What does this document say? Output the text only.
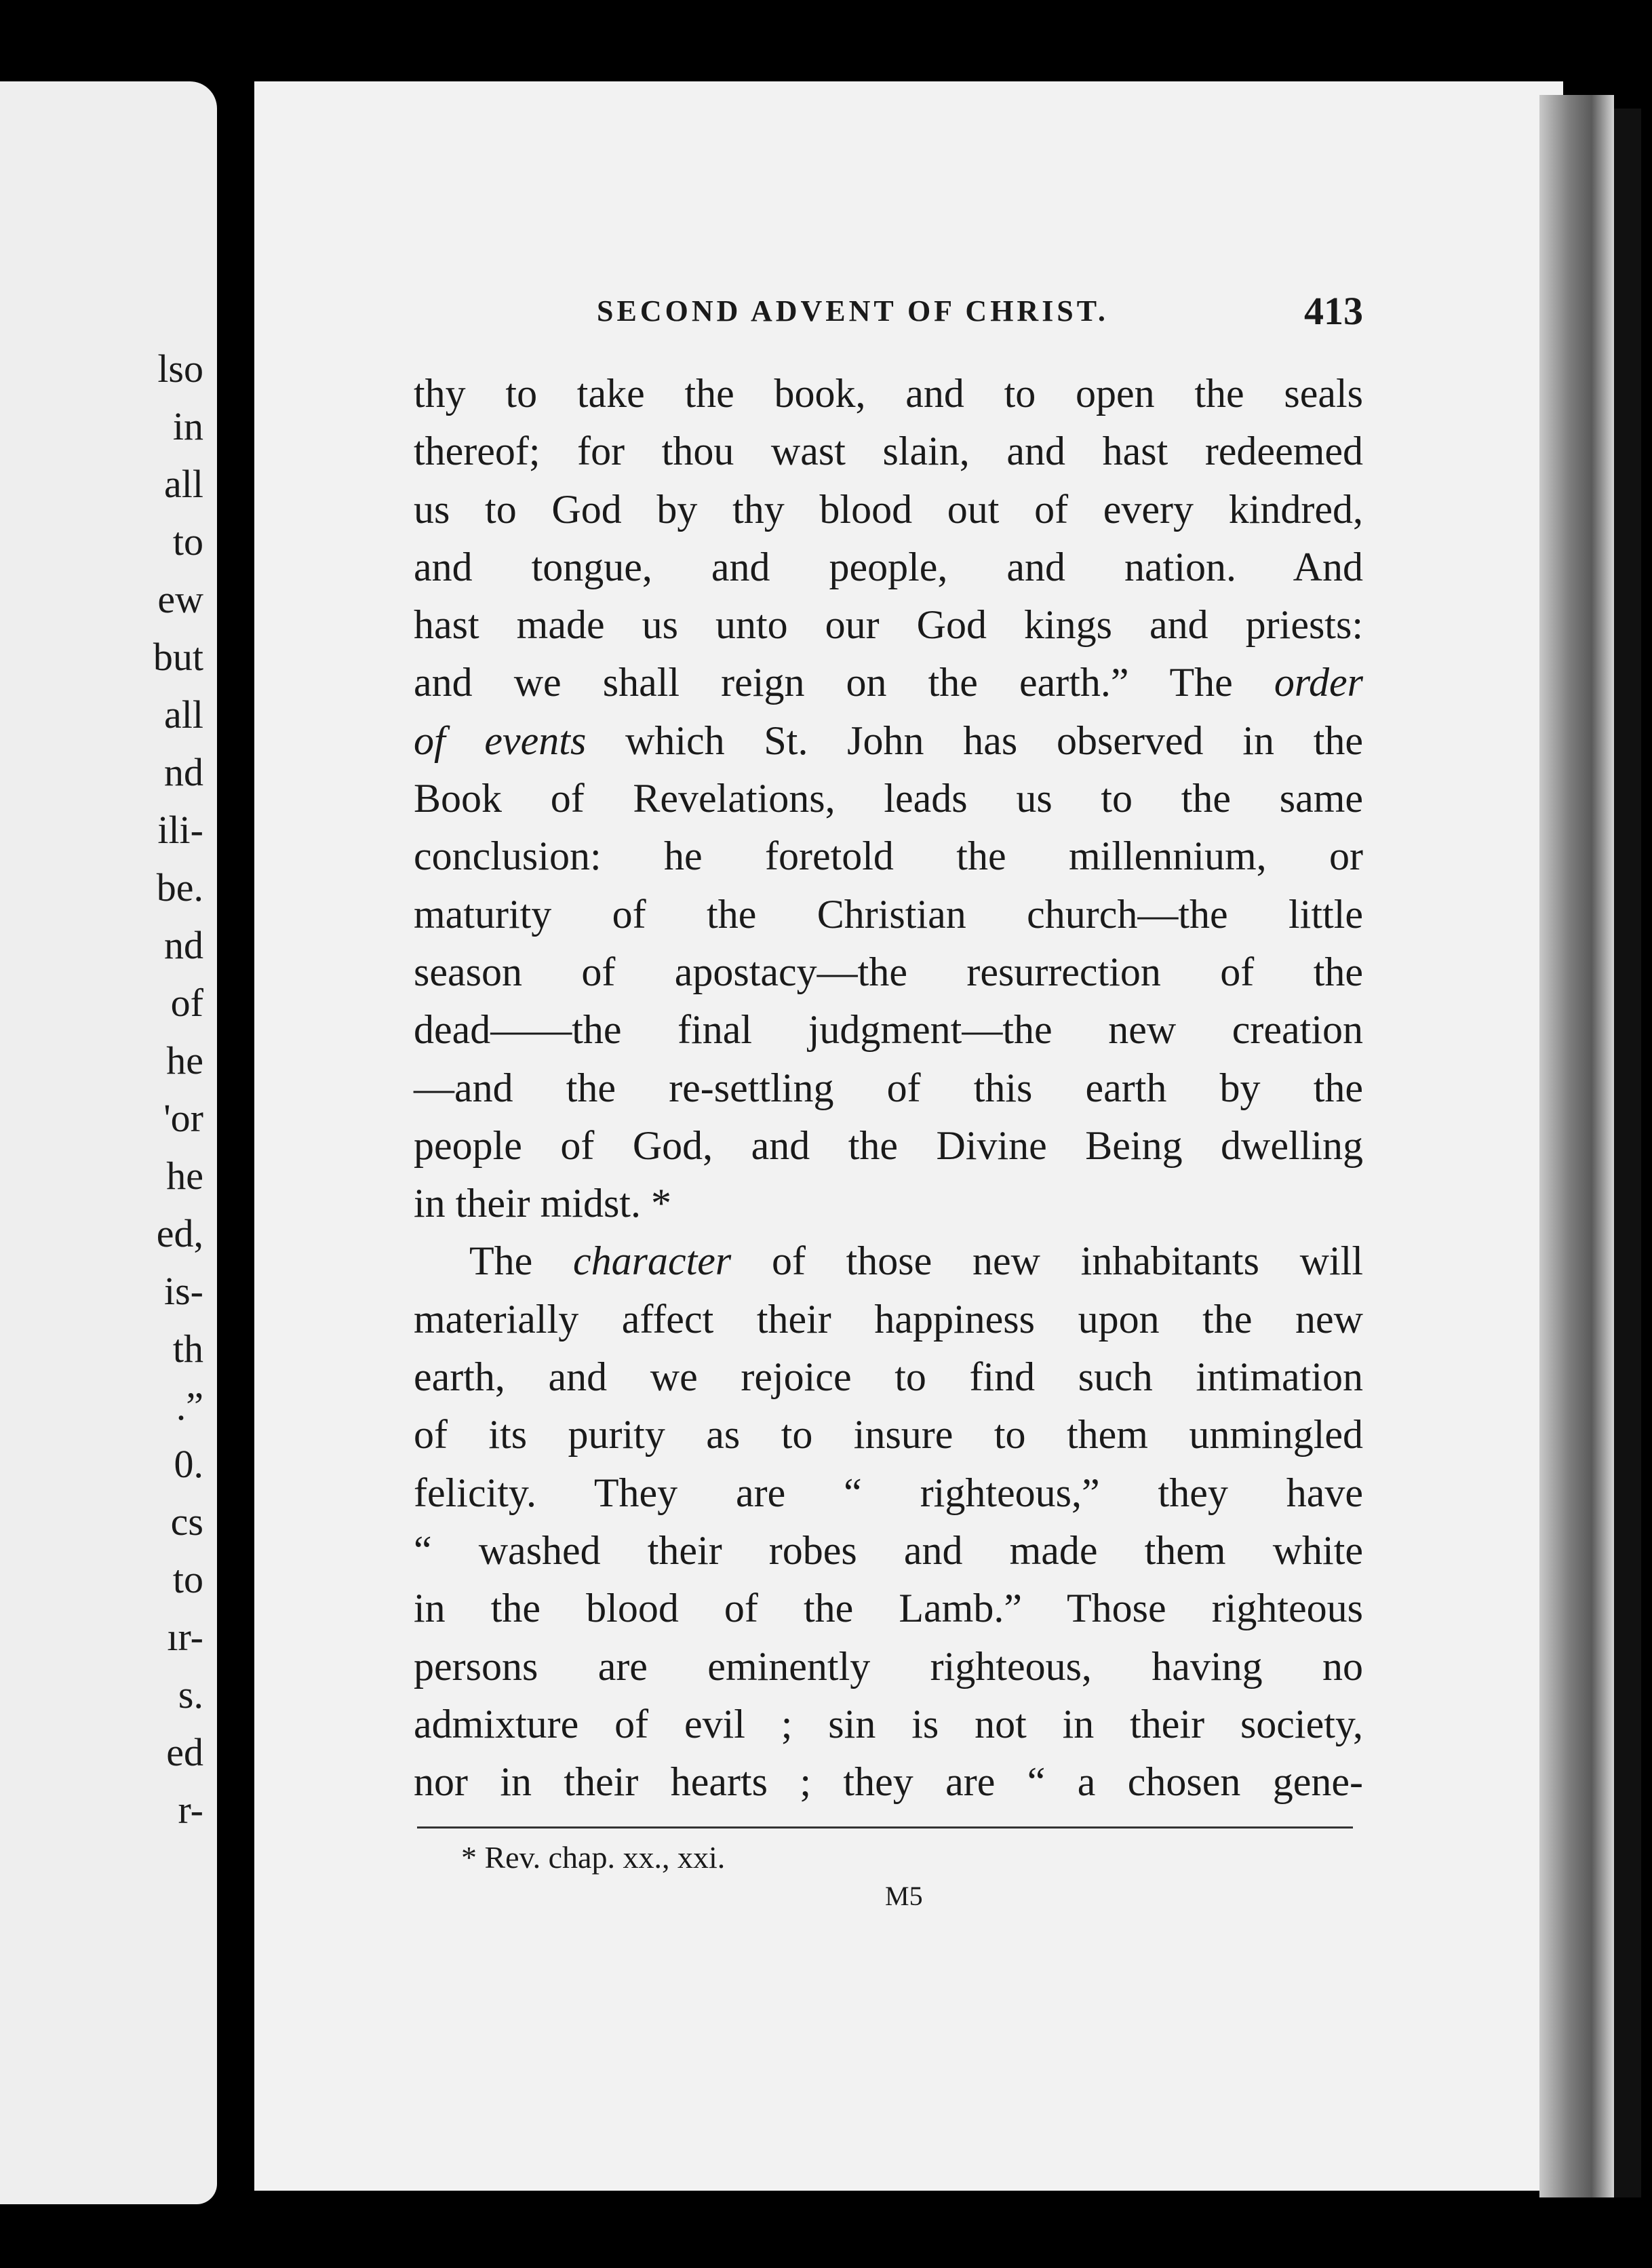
lso

in

all

to

ew

but

all

nd

ili-

be.

nd

of

he

'or

he

ed,

is-

th

.”

0.

cs

to

ır-

s.

ed

r-

SECOND ADVENT OF CHRIST.	413

thy to take the book, and to open the seals

thereof; for thou wast slain, and hast redeemed

us to God by thy blood out of every kindred,

and tongue, and people, and nation. And

hast made us unto our God kings and priests:

and we shall reign on the earth.” The order

of events which St. John has observed in the

Book of Revelations, leads us to the same

conclusion: he foretold the millennium, or

maturity of the Christian church—the little

season of apostacy—the resurrection of the

dead——the final judgment—the new creation

—and the re-settling of this earth by the

people of God, and the Divine Being dwelling

in their midst. *

The character of those new inhabitants will

materially affect their happiness upon the new

earth, and we rejoice to find such intimation

of its purity as to insure to them unmingled

felicity. They are “ righteous,” they have

“ washed their robes and made them white

in the blood of the Lamb.” Those righteous

persons are eminently righteous, having no

admixture of evil ; sin is not in their society,

nor in their hearts ; they are “ a chosen gene-

* Rev. chap. xx., xxi.

M5
